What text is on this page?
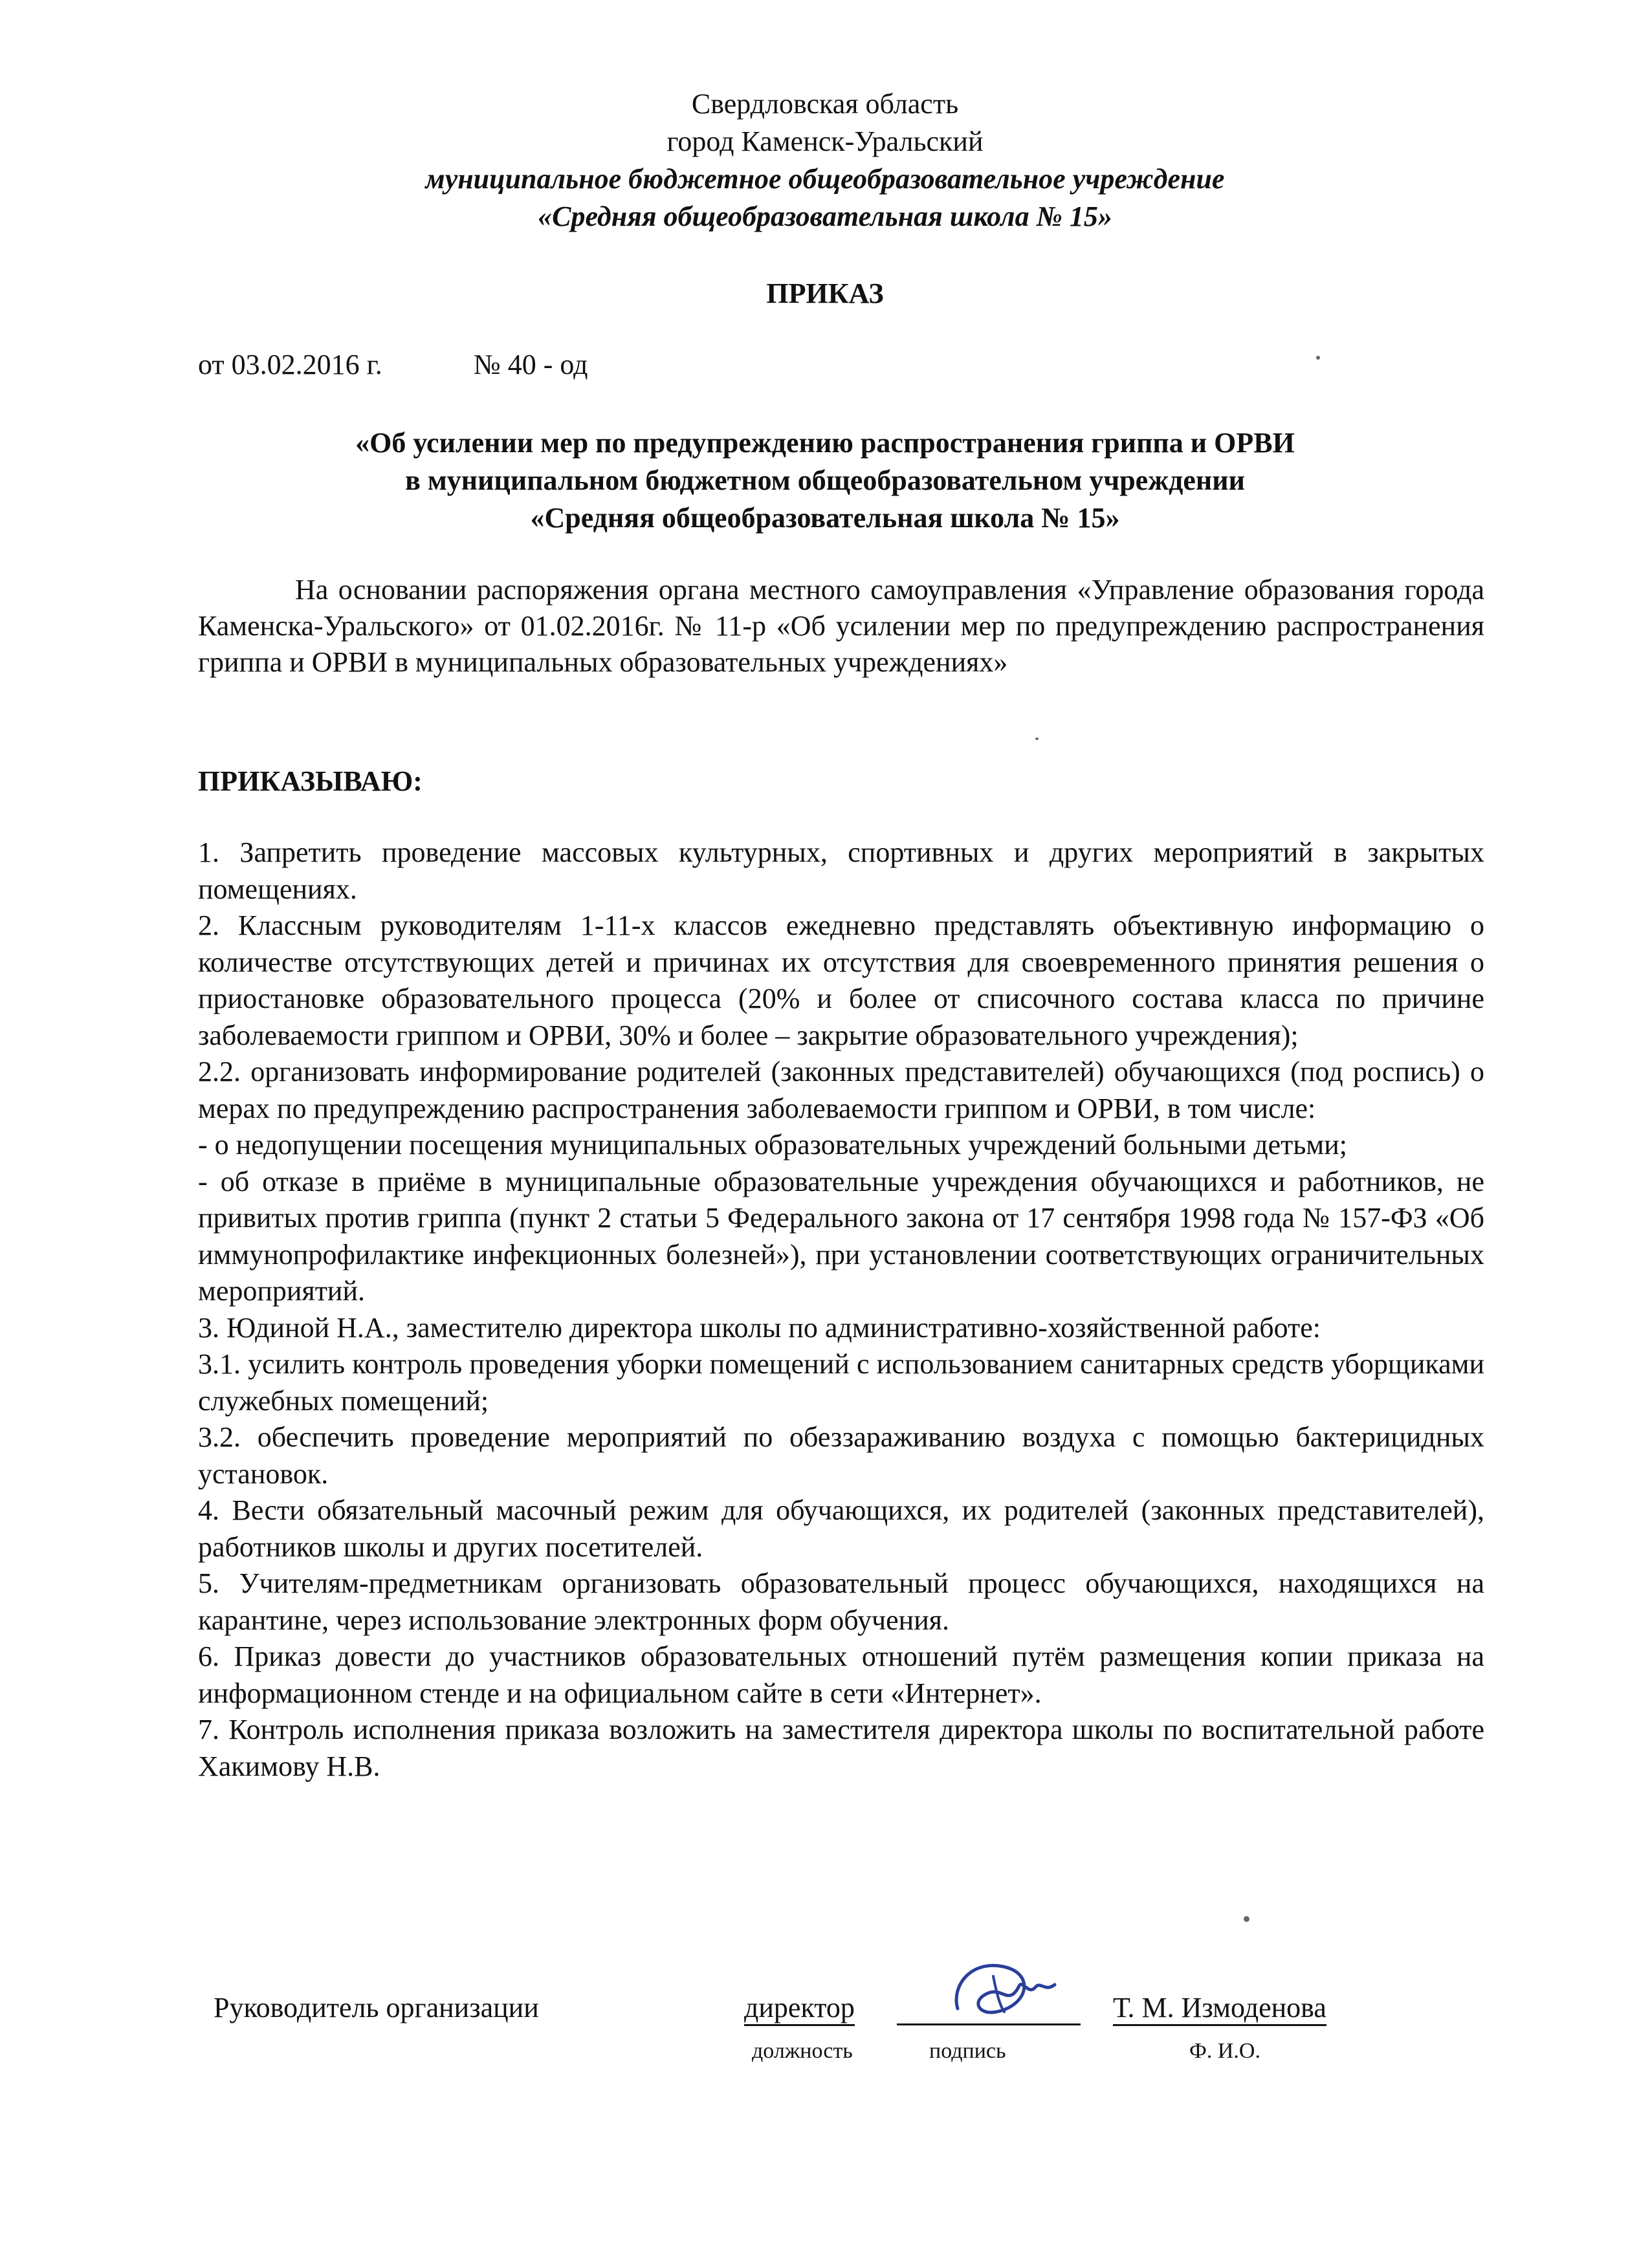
Свердловская область
город Каменск-Уральский
муниципальное бюджетное общеобразовательное учреждение
«Средняя общеобразовательная школа № 15»
ПРИКАЗ
от 03.02.2016 г.	№ 40 - од
«Об усилении мер по предупреждению распространения гриппа и ОРВИ
в муниципальном бюджетном общеобразовательном учреждении
«Средняя общеобразовательная школа № 15»
На основании распоряжения органа местного самоуправления «Управление образования города Каменска-Уральского» от 01.02.2016г. № 11-р «Об усилении мер по предупреждению распространения гриппа и ОРВИ в муниципальных образовательных учреждениях»
ПРИКАЗЫВАЮ:

1. Запретить проведение массовых культурных, спортивных и других мероприятий в закрытых помещениях.

2. Классным руководителям 1-11-х классов ежедневно представлять объективную информацию о количестве отсутствующих детей и причинах их отсутствия для своевременного принятия решения о приостановке образовательного процесса (20% и более от списочного состава класса по причине заболеваемости гриппом и ОРВИ, 30% и более – закрытие образовательного учреждения);

2.2. организовать информирование родителей (законных представителей) обучающихся (под роспись) о мерах по предупреждению распространения заболеваемости гриппом и ОРВИ, в том числе:

- о недопущении посещения муниципальных образовательных учреждений больными детьми;

- об отказе в приёме в муниципальные образовательные учреждения обучающихся и работников, не привитых против гриппа (пункт 2 статьи 5 Федерального закона от 17 сентября 1998 года № 157-ФЗ «Об иммунопрофилактике инфекционных болезней»), при установлении соответствующих ограничительных мероприятий.

3. Юдиной Н.А., заместителю директора школы по административно-хозяйственной работе:

3.1. усилить контроль проведения уборки помещений с использованием санитарных средств уборщиками служебных помещений;

3.2. обеспечить проведение мероприятий по обеззараживанию воздуха с помощью бактерицидных установок.

4. Вести обязательный масочный режим для обучающихся, их родителей (законных представителей), работников школы и других посетителей.

5. Учителям-предметникам организовать образовательный процесс обучающихся, находящихся на карантине, через использование электронных форм обучения.

6. Приказ довести до участников образовательных отношений путём размещения копии приказа на информационном стенде и на официальном сайте в сети «Интернет».

7. Контроль исполнения приказа возложить на заместителя директора школы по воспитательной работе Хакимову Н.В.

Руководитель организации	директор	Т. М. Измоденова
должность	подпись	Ф. И.О.
